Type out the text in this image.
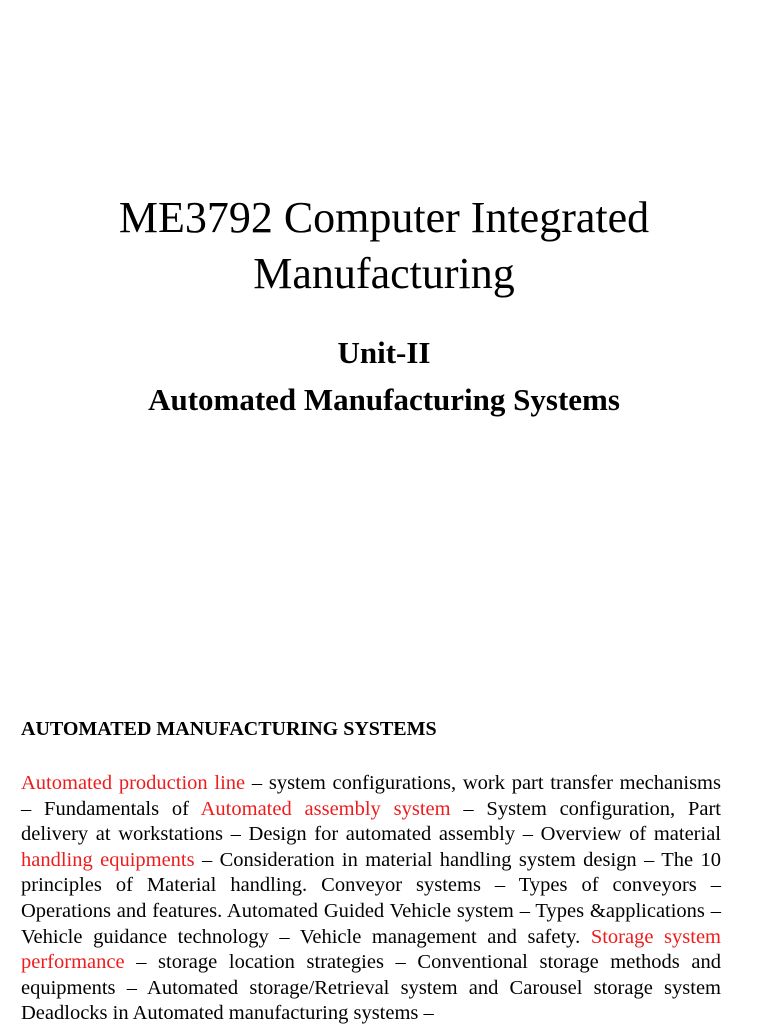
ME3792 Computer Integrated
Manufacturing
Unit-II
Automated Manufacturing Systems
AUTOMATED MANUFACTURING SYSTEMS

Automated production line – system configurations, work part transfer mechanisms – Fundamentals of Automated assembly system – System configuration, Part delivery at workstations – Design for automated assembly – Overview of material handling equipments – Consideration in material handling system design – The 10 principles of Material handling. Conveyor systems – Types of conveyors – Operations and features. Automated Guided Vehicle system – Types &applications – Vehicle guidance technology – Vehicle management and safety. Storage system performance – storage location strategies – Conventional storage methods and equipments – Automated storage/Retrieval system and Carousel storage system Deadlocks in Automated manufacturing systems –
